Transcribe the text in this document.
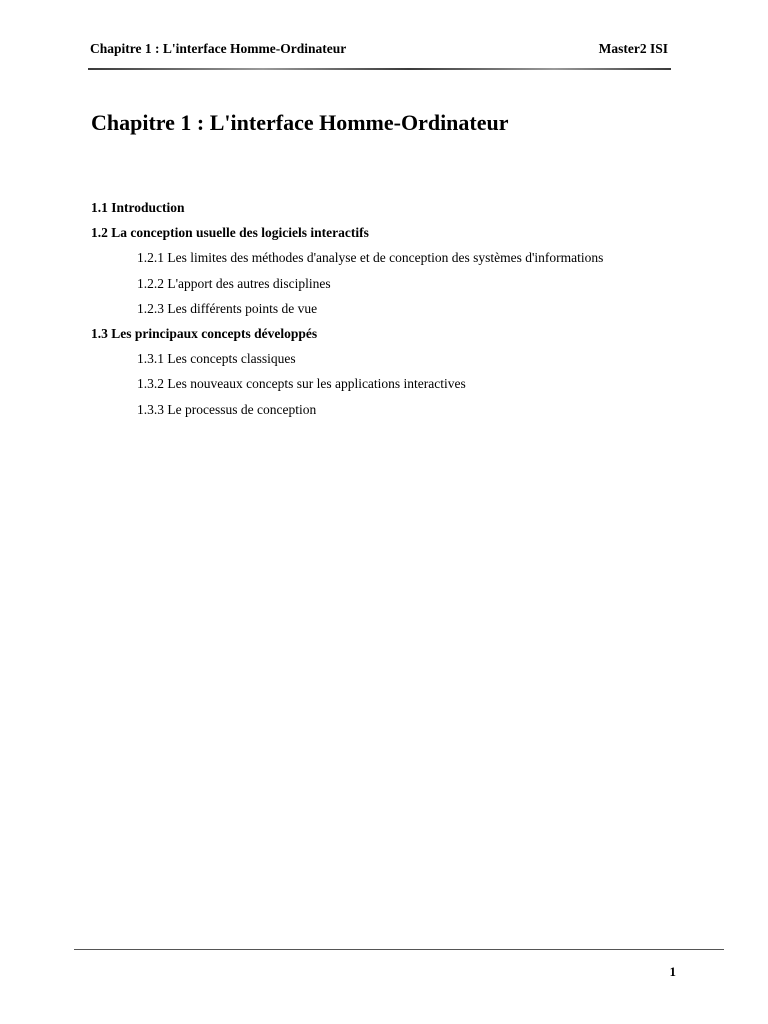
Chapitre 1 : L'interface Homme-Ordinateur	Master2 ISI
Chapitre 1 : L'interface Homme-Ordinateur
1.1 Introduction
1.2 La conception usuelle des logiciels interactifs
1.2.1 Les limites des méthodes d'analyse et de conception des systèmes d'informations
1.2.2 L'apport des autres disciplines
1.2.3 Les différents points de vue
1.3 Les principaux concepts développés
1.3.1 Les concepts classiques
1.3.2 Les nouveaux concepts sur les applications interactives
1.3.3 Le processus de conception
1
